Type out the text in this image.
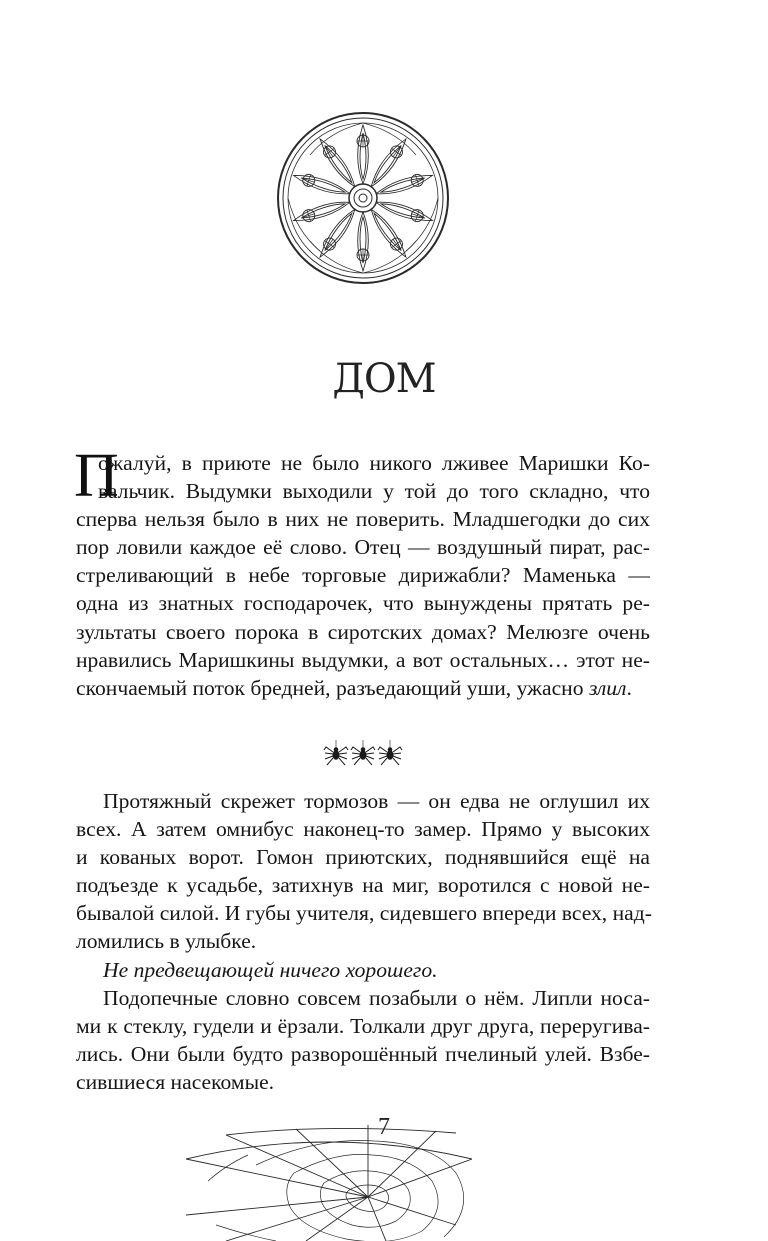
ДОМ
П
ожалуй, в приюте не было никого лживее Маришки Ко-
вальчик. Выдумки выходили у той до того складно, что
сперва нельзя было в них не поверить. Младшегодки до сих
пор ловили каждое её слово. Отец — воздушный пират, рас-
стреливающий в небе торговые дирижабли? Маменька —
одна из знатных господарочек, что вынуждены прятать ре-
зультаты своего порока в сиротских домах? Мелюзге очень
нравились Маришкины выдумки, а вот остальных… этот не-
скончаемый поток бредней, разъедающий уши, ужасно злил.
Протяжный скрежет тормозов — он едва не оглушил их
всех. А затем омнибус наконец-то замер. Прямо у высоких
и кованых ворот. Гомон приютских, поднявшийся ещё на
подъезде к усадьбе, затихнув на миг, воротился с новой не-
бывалой силой. И губы учителя, сидевшего впереди всех, над-
ломились в улыбке.
Не предвещающей ничего хорошего.
Подопечные словно совсем позабыли о нём. Липли носа-
ми к стеклу, гудели и ёрзали. Толкали друг друга, переругива-
лись. Они были будто разворошённый пчелиный улей. Взбе-
сившиеся насекомые.
7
